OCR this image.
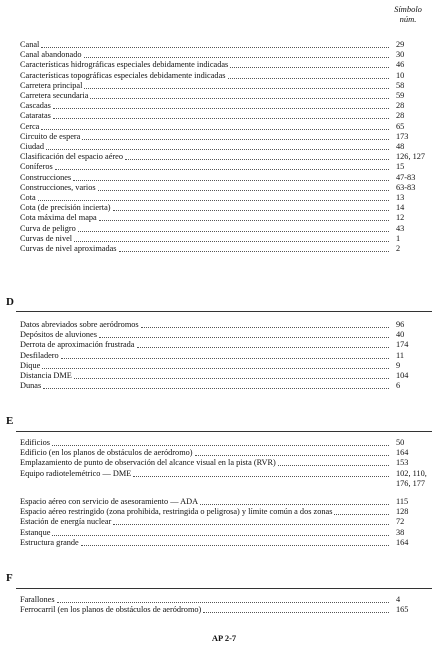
Símbolo
núm.
Canal	29
Canal abandonado	30
Características hidrográficas especiales debidamente indicadas	46
Características topográficas especiales debidamente indicadas	10
Carretera principal	58
Carretera secundaria	59
Cascadas	28
Cataratas	28
Cerca	65
Circuito de espera	173
Ciudad	48
Clasificación del espacio aéreo	126, 127
Coníferos	15
Construcciones	47-83
Construcciones, varios	63-83
Cota	13
Cota (de precisión incierta)	14
Cota máxima del mapa	12
Curva de peligro	43
Curvas de nivel	1
Curvas de nivel aproximadas	2
D
Datos abreviados sobre aeródromos	96
Depósitos de aluviones	40
Derrota de aproximación frustrada	174
Desfiladero	11
Dique	9
Distancia DME	104
Dunas	6
E
Edificios	50
Edificio (en los planos de obstáculos de aeródromo)	164
Emplazamiento de punto de observación del alcance visual en la pista (RVR)	153
Equipo radiotelemétrico — DME	102, 110, 176, 177
Espacio aéreo con servicio de asesoramiento — ADA	115
Espacio aéreo restringido (zona prohibida, restringida o peligrosa) y límite común a dos zonas	128
Estación de energía nuclear	72
Estanque	38
Estructura grande	164
F
Farallones	4
Ferrocarril (en los planos de obstáculos de aeródromo)	165
AP 2-7
